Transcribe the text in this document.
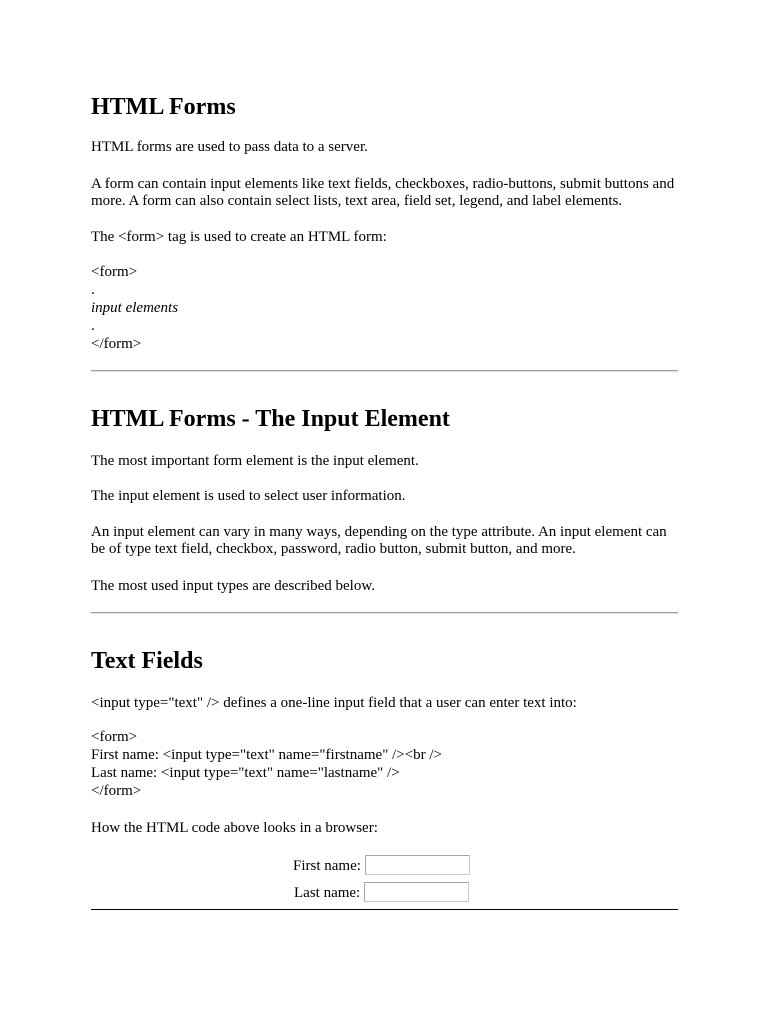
HTML Forms

HTML forms are used to pass data to a server.

A form can contain input elements like text fields, checkboxes, radio-buttons, submit buttons and more. A form can also contain select lists, text area, field set, legend, and label elements.

The <form> tag is used to create an HTML form:

<form>
.
input elements
.
</form>
HTML Forms - The Input Element

The most important form element is the input element.

The input element is used to select user information.

An input element can vary in many ways, depending on the type attribute. An input element can be of type text field, checkbox, password, radio button, submit button, and more.

The most used input types are described below.

Text Fields

<input type="text" /> defines a one-line input field that a user can enter text into:

<form>
First name: <input type="text" name="firstname" /><br />
Last name: <input type="text" name="lastname" />
</form>

How the HTML code above looks in a browser:

First name:
Last name:
